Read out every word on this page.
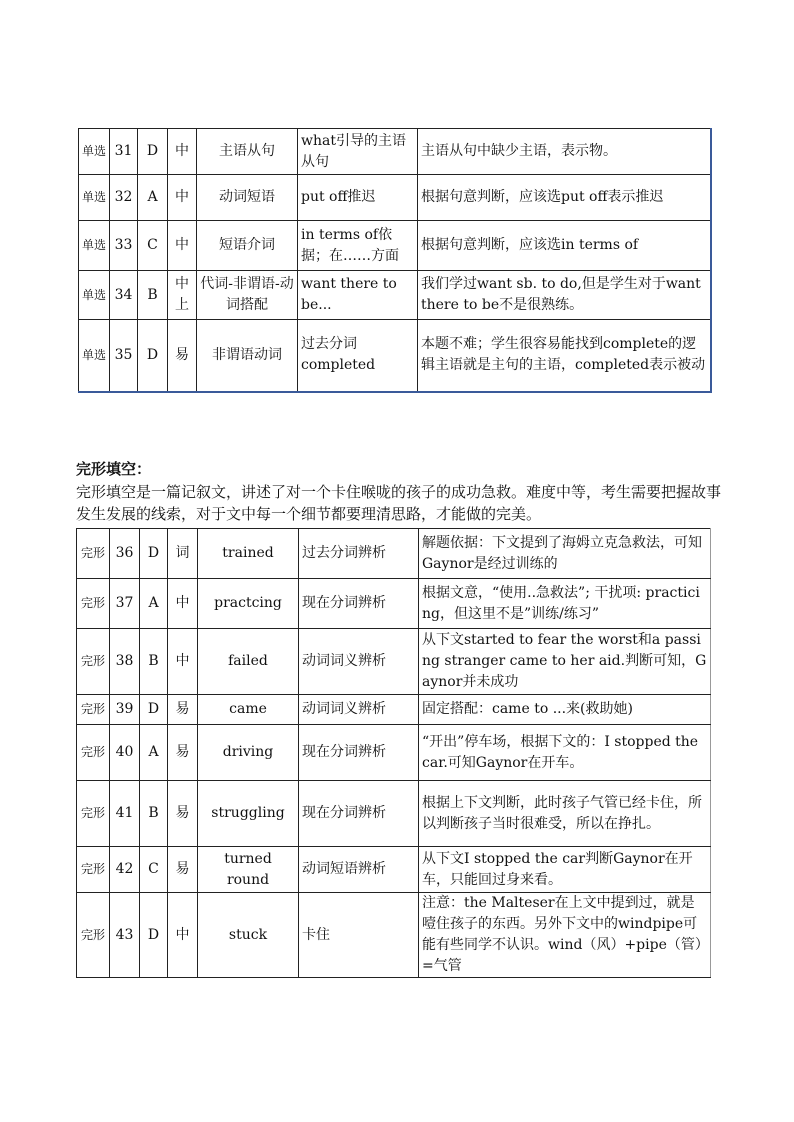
单选	31	D	中	主语从句	what引导的主语从句	主语从句中缺少主语，表示物。
单选	32	A	中	动词短语	put off推迟	根据句意判断，应该选put off表示推迟
单选	33	C	中	短语介词	in terms of依据；在……方面	根据句意判断，应该选in terms of
单选	34	B	中上	代词-非谓语-动词搭配	want there to be...	我们学过want sb. to do,但是学生对于want there to be不是很熟练。
单选	35	D	易	非谓语动词	过去分词completed	本题不难；学生很容易能找到complete的逻辑主语就是主句的主语，completed表示被动
完形填空：
完形填空是一篇记叙文，讲述了对一个卡住喉咙的孩子的成功急救。难度中等，考生需要把握故事发生发展的线索，对于文中每一个细节都要理清思路，才能做的完美。
完形	36	D	词	trained	过去分词辨析	解题依据：下文提到了海姆立克急救法，可知Gaynor是经过训练的
完形	37	A	中	practcing	现在分词辨析	根据文意，“使用..急救法”; 干扰项: practicing，但这里不是”训练/练习”
完形	38	B	中	failed	动词词义辨析	从下文started to fear the worst和a passing stranger came to her aid.判断可知，Gaynor并未成功
完形	39	D	易	came	动词词义辨析	固定搭配：came to ...来(救助她)
完形	40	A	易	driving	现在分词辨析	“开出”停车场，根据下文的：I stopped the car.可知Gaynor在开车。
完形	41	B	易	struggling	现在分词辨析	根据上下文判断，此时孩子气管已经卡住，所以判断孩子当时很难受，所以在挣扎。
完形	42	C	易	turned round	动词短语辨析	从下文I stopped the car判断Gaynor在开车，只能回过身来看。
完形	43	D	中	stuck	卡住	注意：the Malteser在上文中提到过，就是噎住孩子的东西。另外下文中的windpipe可能有些同学不认识。wind（风）+pipe（管）=气管
